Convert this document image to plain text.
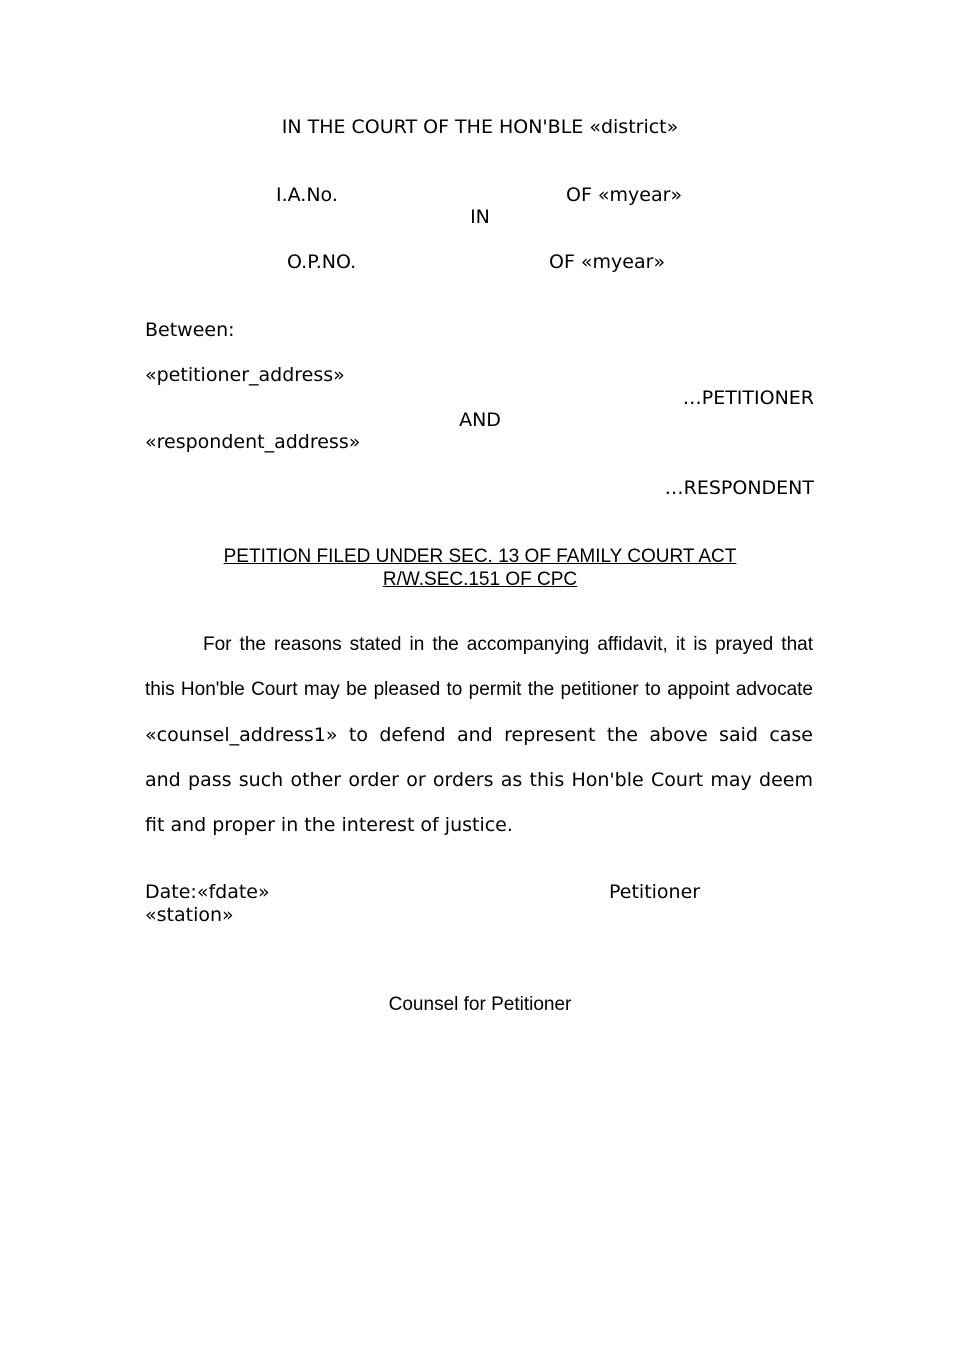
IN THE COURT OF THE HON'BLE «district»
I.A.No.	OF «myear»
IN
O.P.NO.	OF «myear»
Between:
«petitioner_address»
…PETITIONER
AND
«respondent_address»
…RESPONDENT
PETITION FILED UNDER SEC. 13 OF FAMILY COURT ACT
R/W.SEC.151 OF CPC
For the reasons stated in the accompanying affidavit, it is prayed that
this Hon'ble Court may be pleased to permit the petitioner to appoint advocate
«counsel_address1» to defend and represent the above said case
and pass such other order or orders as this Hon'ble Court may deem
fit and proper in the interest of justice.
Date:«fdate»
«station»
Petitioner
Counsel for Petitioner
